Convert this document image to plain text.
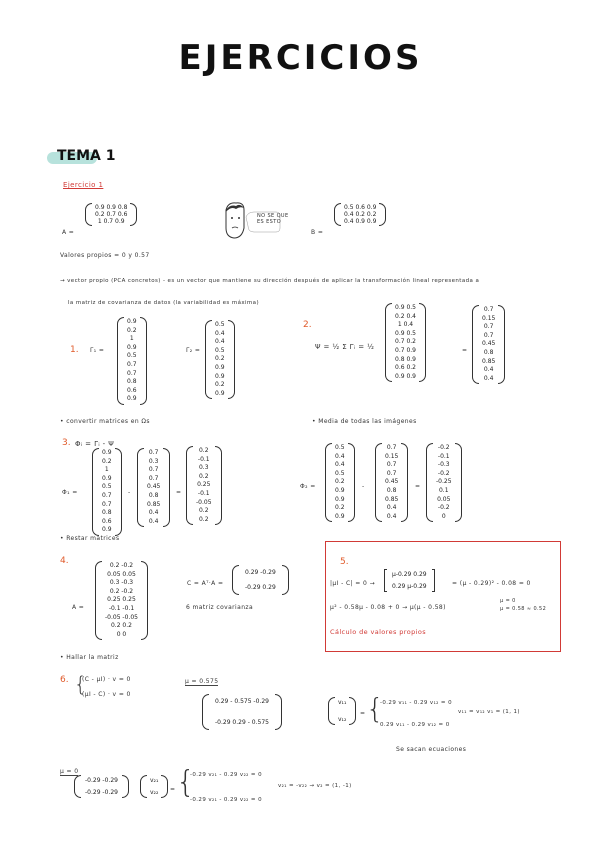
EJERCICIOS
TEMA 1
Ejercicio 1
A =
0.9 0.9 0.8
0.2 0.7 0.6
1 0.7 0.9
NO SE QUE ES ESTO
B =
0.5 0.6 0.9
0.4 0.2 0.2
0.4 0.9 0.9
Valores propios = 0 y 0.57
→ vector propio (PCA concretos) - es un vector que mantiene su dirección después de aplicar la transformación lineal representada a
la matriz de covarianza de datos (la variabilidad es máxima)
1. Γ₁ =
0.9
0.2
1
0.9
0.5
0.7
0.7
0.8
0.6
0.9
Γ₂ =
0.5
0.4
0.4
0.5
0.2
0.9
0.9
0.2
0.9
2.
Ψ = ½ Σ Γᵢ = ½
0.9 0.5
0.2 0.4
1 0.4
0.9 0.5
0.7 0.2
0.7 0.9
0.8 0.9
0.6 0.2
0.9 0.9
=
0.7
0.15
0.7
0.7
0.45
0.8
0.85
0.4
0.4
• convertir matrices en Ωs	• Media de todas las imágenes
3. Φᵢ = Γᵢ - Ψ
Φ₁ =
0.9
0.2
1
0.9
0.5
0.7
0.7
0.8
0.6
0.9
-
0.7
0.3
0.7
0.7
0.45
0.8
0.85
0.4
0.4
=
0.2
-0.1
0.3
0.2
0.25
-0.1
-0.05
0.2
0.2
Φ₂ =
0.5
0.4
0.4
0.5
0.2
0.9
0.9
0.2
0.9
-
0.7
0.15
0.7
0.7
0.45
0.8
0.85
0.4
0.4
=
-0.2
-0.1
-0.3
-0.2
-0.25
0.1
0.05
-0.2
0
• Restar matrices
4.
A =
0.2 -0.2
0.05 0.05
0.3 -0.3
0.2 -0.2
0.25 0.25
-0.1 -0.1
-0.05 -0.05
0.2 0.2
0 0
C = Aᵀ·A =
0.29 -0.29
-0.29 0.29
6 matriz covarianza
5.
|μI - C| = 0 →
μ-0.29 0.29
0.29 μ-0.29	= (μ - 0.29)² - 0.08 = 0
μ² - 0.58μ - 0.08 + 0 → μ(μ - 0.58)
μ = 0
μ = 0.58 ≈ 0.52
Cálculo de valores propios
• Hallar la matriz
6. {
(C - μI) · v = 0
(μI - C) · v = 0
μ = 0.575
0.29 - 0.575 -0.29
-0.29 0.29 - 0.575
v₁₁
v₁₂
= {
-0.29 v₁₁ - 0.29 v₁₂ = 0
0.29 v₁₁ - 0.29 v₁₂ = 0
v₁₁ = v₁₂ v₁ = (1, 1)
Se sacan ecuaciones
μ = 0
-0.29 -0.29
-0.29 -0.29
v₂₁
v₂₂ = {
-0.29 v₂₁ - 0.29 v₂₂ = 0
-0.29 v₂₁ - 0.29 v₂₂ = 0
v₂₁ = -v₂₂ → v₂ = (1, -1)
